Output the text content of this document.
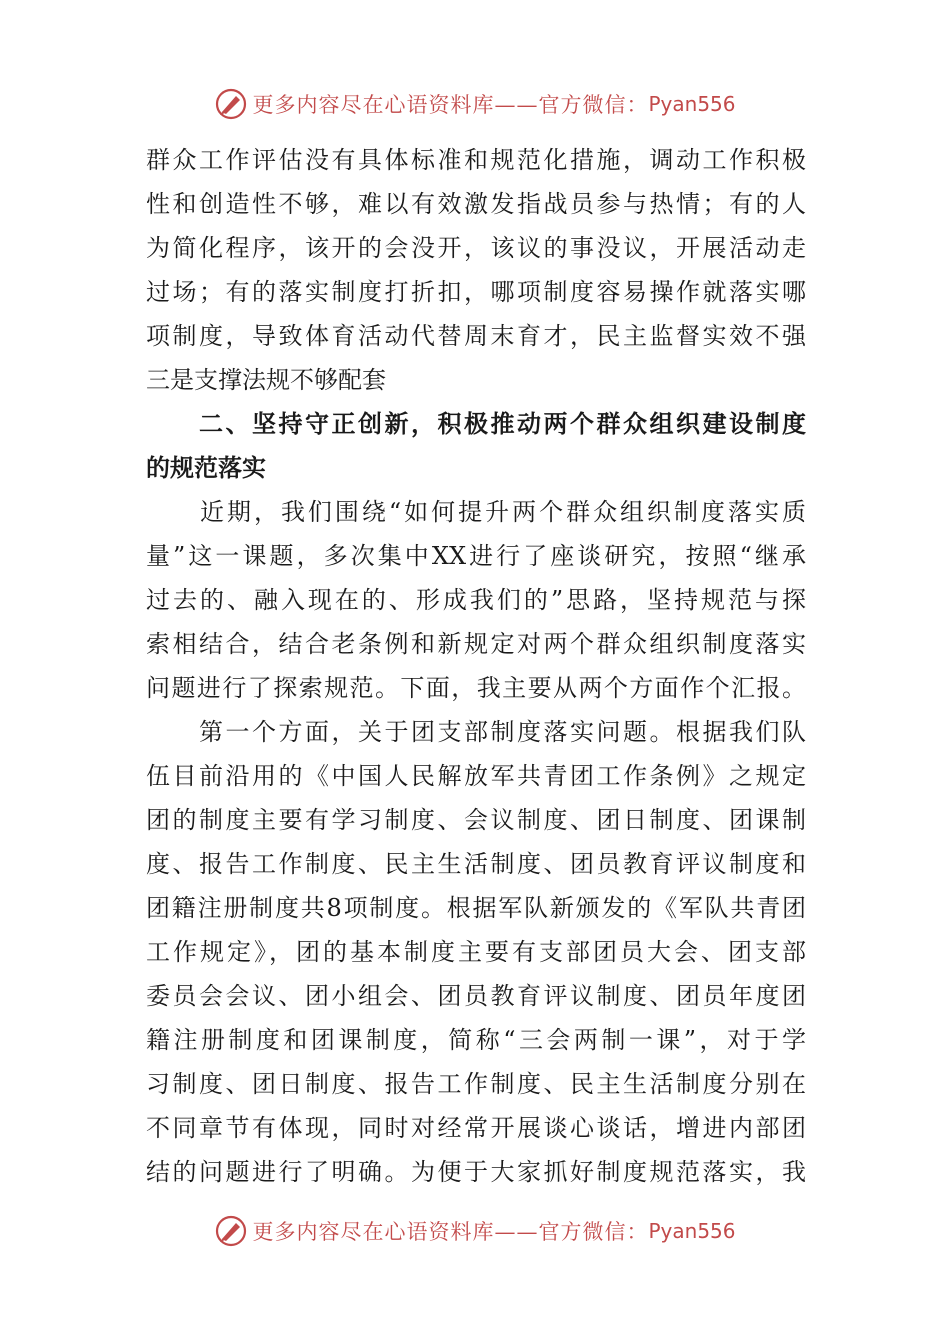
更多内容尽在心语资料库——官方微信： Pyan556
群众工作评估没有具体标准和规范化措施，调动工作积极
性和创造性不够，难以有效激发指战员参与热情；有的人
为简化程序，该开的会没开，该议的事没议，开展活动走
过场；有的落实制度打折扣，哪项制度容易操作就落实哪
项制度，导致体育活动代替周末育才，民主监督实效不强
三是支撑法规不够配套
　　二、坚持守正创新，积极推动两个群众组织建设制度
的规范落实
　　近期，我们围绕“如何提升两个群众组织制度落实质
量”这一课题，多次集中XX进行了座谈研究，按照“继承
过去的、融入现在的、形成我们的”思路，坚持规范与探
索相结合，结合老条例和新规定对两个群众组织制度落实
问题进行了探索规范。下面，我主要从两个方面作个汇报。
　　第一个方面，关于团支部制度落实问题。根据我们队
伍目前沿用的《中国人民解放军共青团工作条例》之规定
团的制度主要有学习制度、会议制度、团日制度、团课制
度、报告工作制度、民主生活制度、团员教育评议制度和
团籍注册制度共8项制度。根据军队新颁发的《军队共青团
工作规定》，团的基本制度主要有支部团员大会、团支部
委员会会议、团小组会、团员教育评议制度、团员年度团
籍注册制度和团课制度，简称“三会两制一课”，对于学
习制度、团日制度、报告工作制度、民主生活制度分别在
不同章节有体现，同时对经常开展谈心谈话，增进内部团
结的问题进行了明确。为便于大家抓好制度规范落实，我
更多内容尽在心语资料库——官方微信： Pyan556
